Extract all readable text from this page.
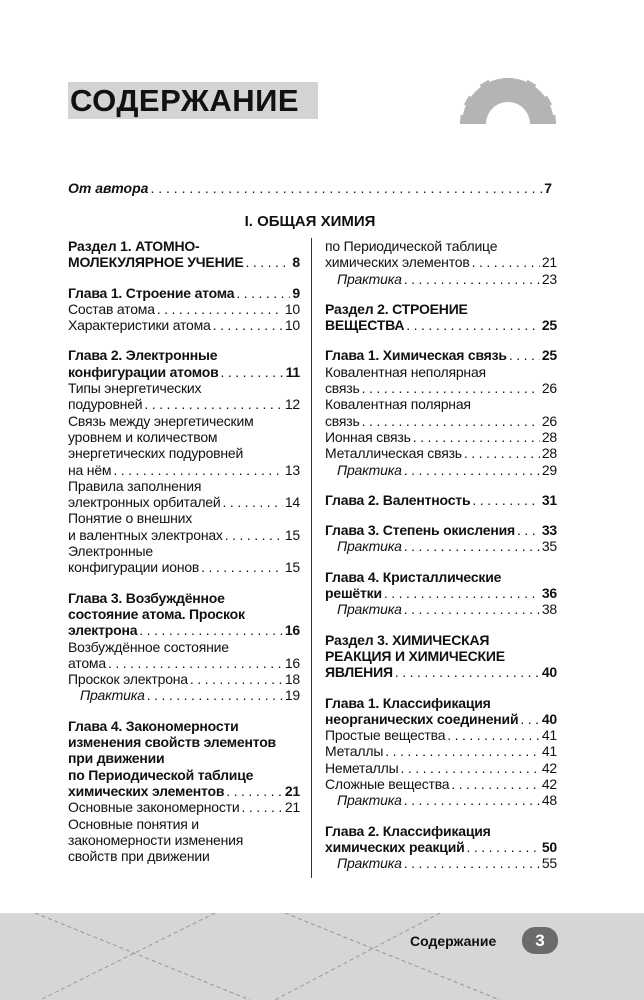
СОДЕРЖАНИЕ
От автора . . .	7
I. ОБЩАЯ ХИМИЯ
Раздел 1. АТОМНО-
МОЛЕКУЛЯРНОЕ УЧЕНИЕ . . .	8
Глава 1. Строение атома . . .	9
Состав атома . . .	10
Характеристики атома . . .	10
Глава 2. Электронные
конфигурации атомов . . .	11
Типы энергетических
подуровней . . .	12
Связь между энергетическим
уровнем и количеством
энергетических подуровней
на нём . . .	13
Правила заполнения
электронных орбиталей . . .	14
Понятие о внешних
и валентных электронах . . .	15
Электронные
конфигурации ионов . . .	15
Глава 3. Возбуждённое
состояние атома. Проскок
электрона . . .	16
Возбуждённое состояние
атома . . .	16
Проскок электрона . . .	18
Практика . . .	19
Глава 4. Закономерности
изменения свойств элементов
при движении
по Периодической таблице
химических элементов . . .	21
Основные закономерности . . .	21
Основные понятия и
закономерности изменения
свойств при движении
по Периодической таблице
химических элементов . . .	21
Практика . . .	23
Раздел 2. СТРОЕНИЕ
ВЕЩЕСТВА . . .	25
Глава 1. Химическая связь . . .	25
Ковалентная неполярная
связь . . .	26
Ковалентная полярная
связь . . .	26
Ионная связь . . .	28
Металлическая связь . . .	28
Практика . . .	29
Глава 2. Валентность . . .	31
Глава 3. Степень окисления . . . 33
Практика . . .	35
Глава 4. Кристаллические
решётки . . .	36
Практика . . .	38
Раздел 3. ХИМИЧЕСКАЯ
РЕАКЦИЯ И ХИМИЧЕСКИЕ
ЯВЛЕНИЯ . . .	40
Глава 1. Классификация
неорганических соединений . . . 40
Простые вещества . . .	41
Металлы . . .	41
Неметаллы . . .	42
Сложные вещества . . .	42
Практика . . .	48
Глава 2. Классификация
химических реакций . . .	50
Практика . . .	55
Содержание	3
